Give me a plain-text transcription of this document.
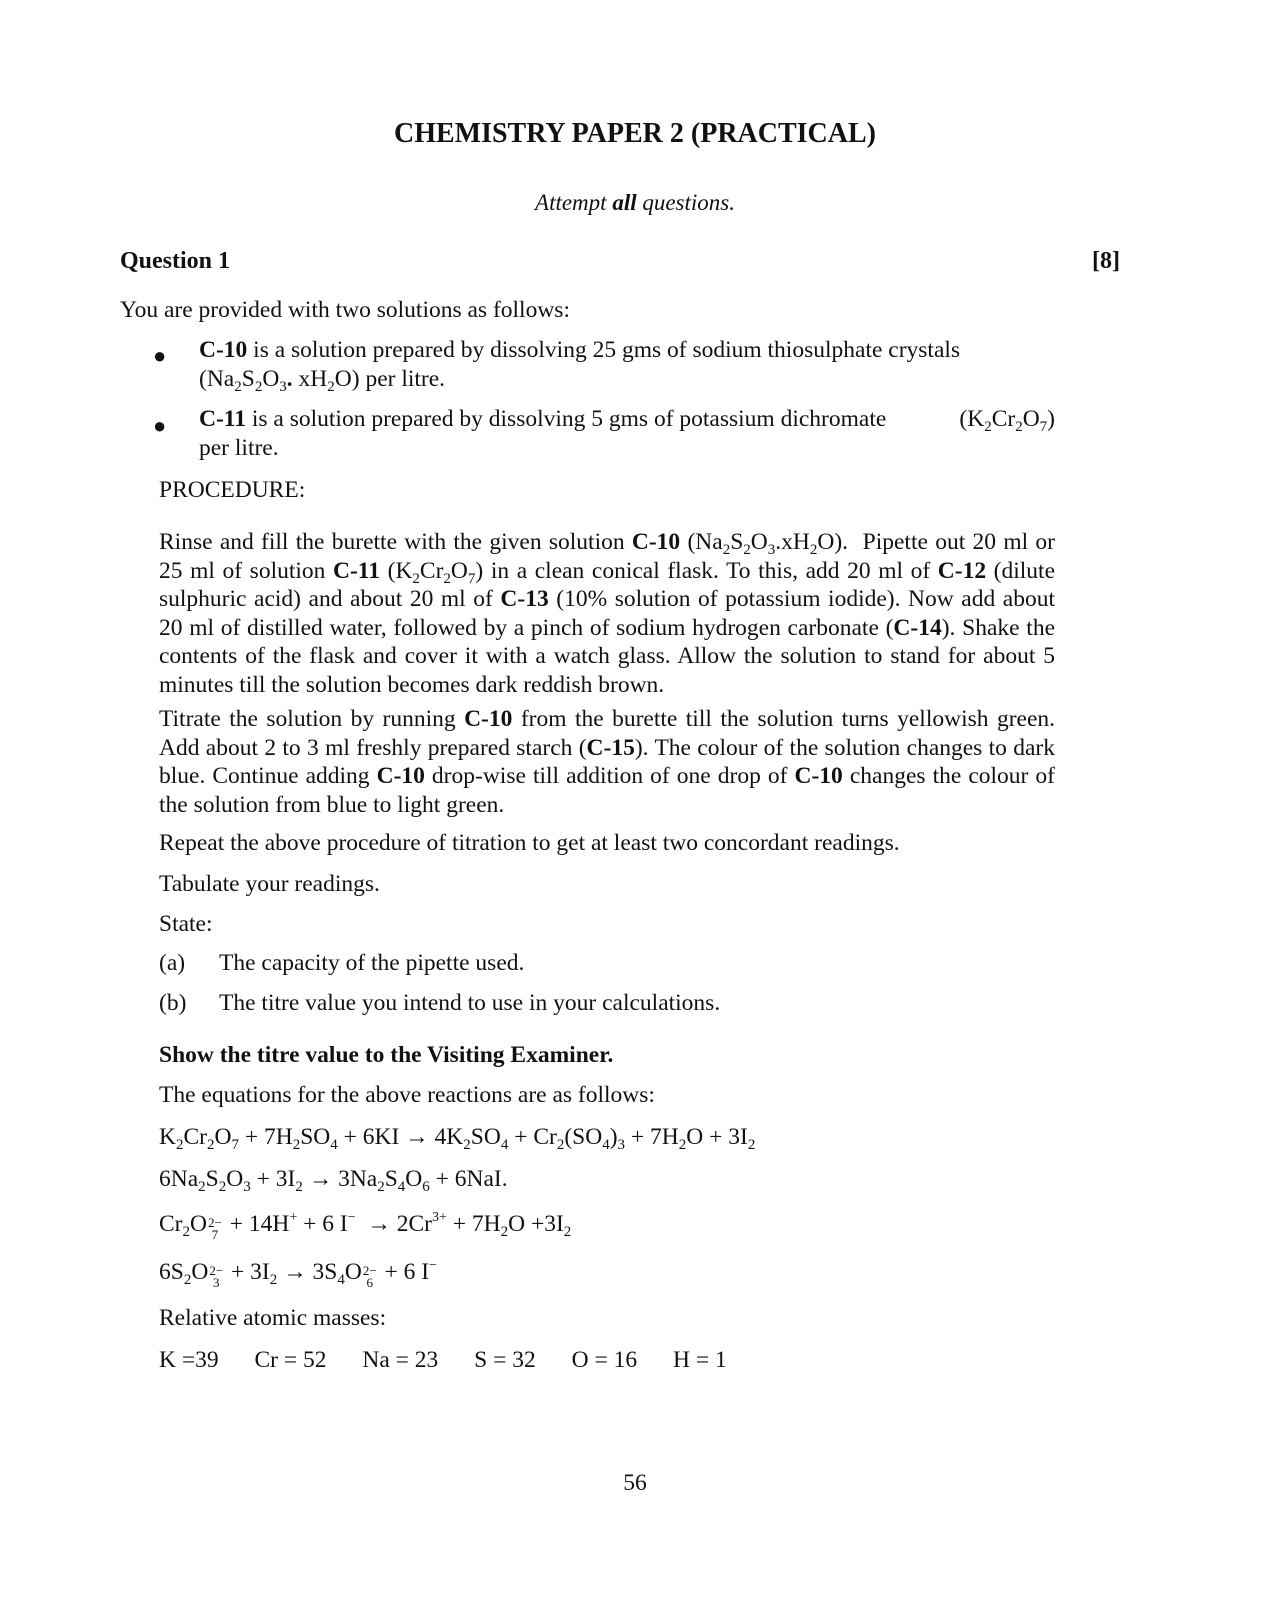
CHEMISTRY PAPER 2 (PRACTICAL)
Attempt all questions.
Question 1	[8]
You are provided with two solutions as follows:
● C-10 is a solution prepared by dissolving 25 gms of sodium thiosulphate crystals
($Na_2S_2O_3$. $xH_2O$) per litre.
● C-11 is a solution prepared by dissolving 5 gms of potassium dichromate	$(K_2Cr_2O_7)$
per litre.
PROCEDURE:
Rinse and fill the burette with the given solution C-10 $(Na_2S_2O_3.xH_2O)$.  Pipette out 20 ml or 25 ml of solution C-11 $(K_2Cr_2O_7)$ in a clean conical flask. To this, add 20 ml of C-12 (dilute sulphuric acid) and about 20 ml of C-13 (10% solution of potassium iodide). Now add about 20 ml of distilled water, followed by a pinch of sodium hydrogen carbonate (C-14). Shake the contents of the flask and cover it with a watch glass. Allow the solution to stand for about 5 minutes till the solution becomes dark reddish brown.
Titrate the solution by running C-10 from the burette till the solution turns yellowish green. Add about 2 to 3 ml freshly prepared starch (C-15). The colour of the solution changes to dark blue. Continue adding C-10 drop-wise till addition of one drop of C-10 changes the colour of the solution from blue to light green.
Repeat the above procedure of titration to get at least two concordant readings.
Tabulate your readings.
State:
(a) The capacity of the pipette used.
(b) The titre value you intend to use in your calculations.
Show the titre value to the Visiting Examiner.
The equations for the above reactions are as follows:
$K_2Cr_2O_7 + 7H_2SO_4 + 6KI \to 4K_2SO_4 + Cr_2(SO_4)_3 + 7H_2O + 3I_2$
$6Na_2S_2O_3 + 3I_2 \to 3Na_2S_4O_6 + 6NaI$.
$Cr_2O$ 2−
7 + 14H+ + 6 $I^- \to 2Cr^{3+} + 7H_2O +3I_2$
$6S_2O$ 2−
$3 + 3I_2 \to 3S_4O$ 2−
6 + 6 I−
Relative atomic masses:
K =39 Cr = 52 Na = 23 S = 32 O = 16 H = 1
56
